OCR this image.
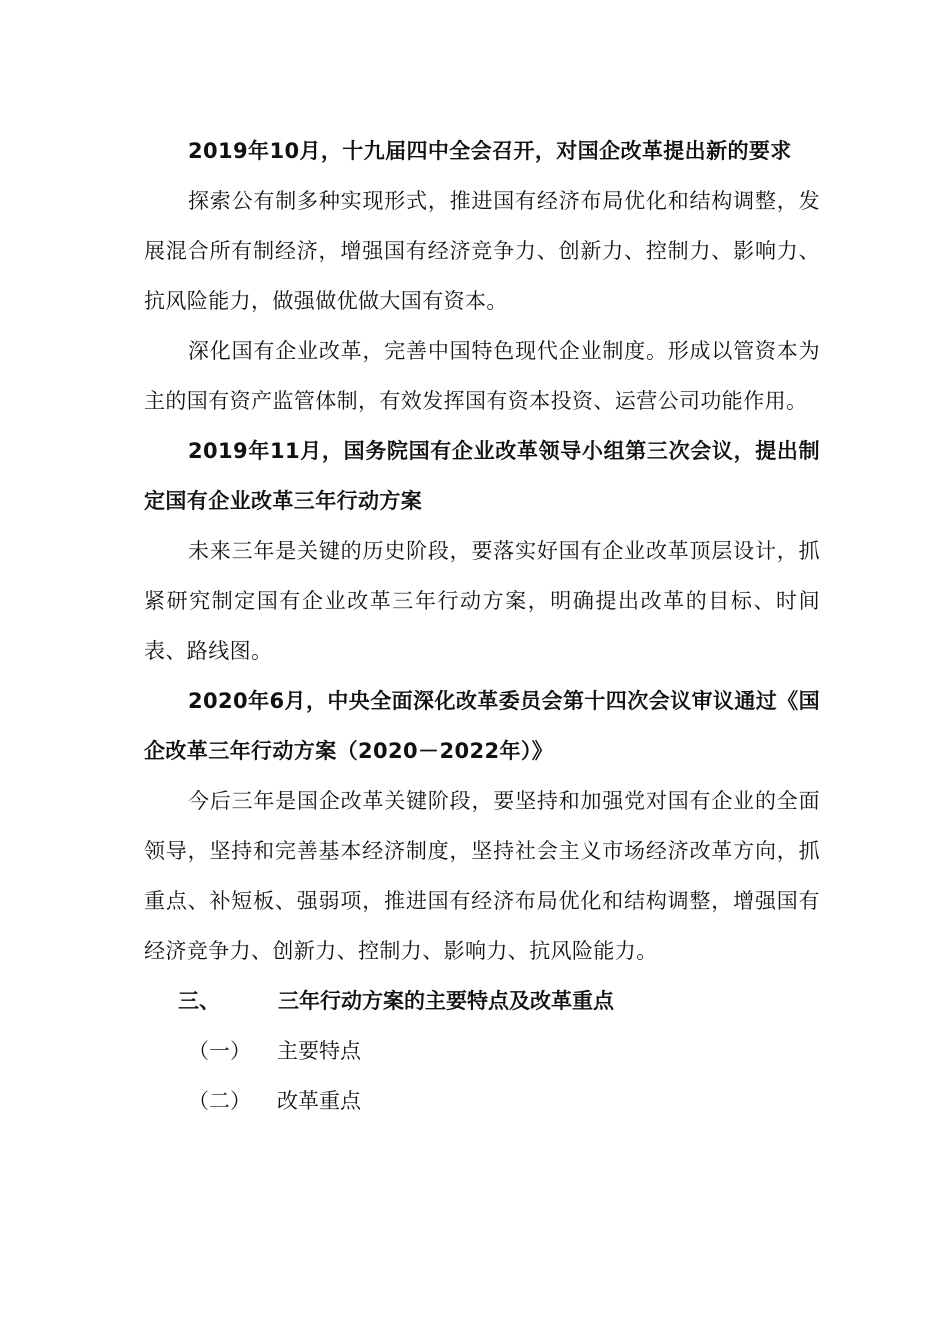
2019年10月，十九届四中全会召开，对国企改革提出新的要求

探索公有制多种实现形式，推进国有经济布局优化和结构调整，发展混合所有制经济，增强国有经济竞争力、创新力、控制力、影响力、抗风险能力，做强做优做大国有资本。

深化国有企业改革，完善中国特色现代企业制度。形成以管资本为主的国有资产监管体制，有效发挥国有资本投资、运营公司功能作用。

2019年11月，国务院国有企业改革领导小组第三次会议，提出制定国有企业改革三年行动方案

未来三年是关键的历史阶段，要落实好国有企业改革顶层设计，抓紧研究制定国有企业改革三年行动方案，明确提出改革的目标、时间表、路线图。

2020年6月，中央全面深化改革委员会第十四次会议审议通过《国企改革三年行动方案（2020－2022年）》

今后三年是国企改革关键阶段，要坚持和加强党对国有企业的全面领导，坚持和完善基本经济制度，坚持社会主义市场经济改革方向，抓重点、补短板、强弱项，推进国有经济布局优化和结构调整，增强国有经济竞争力、创新力、控制力、影响力、抗风险能力。

三、	三年行动方案的主要特点及改革重点
（一） 主要特点
（二） 改革重点
